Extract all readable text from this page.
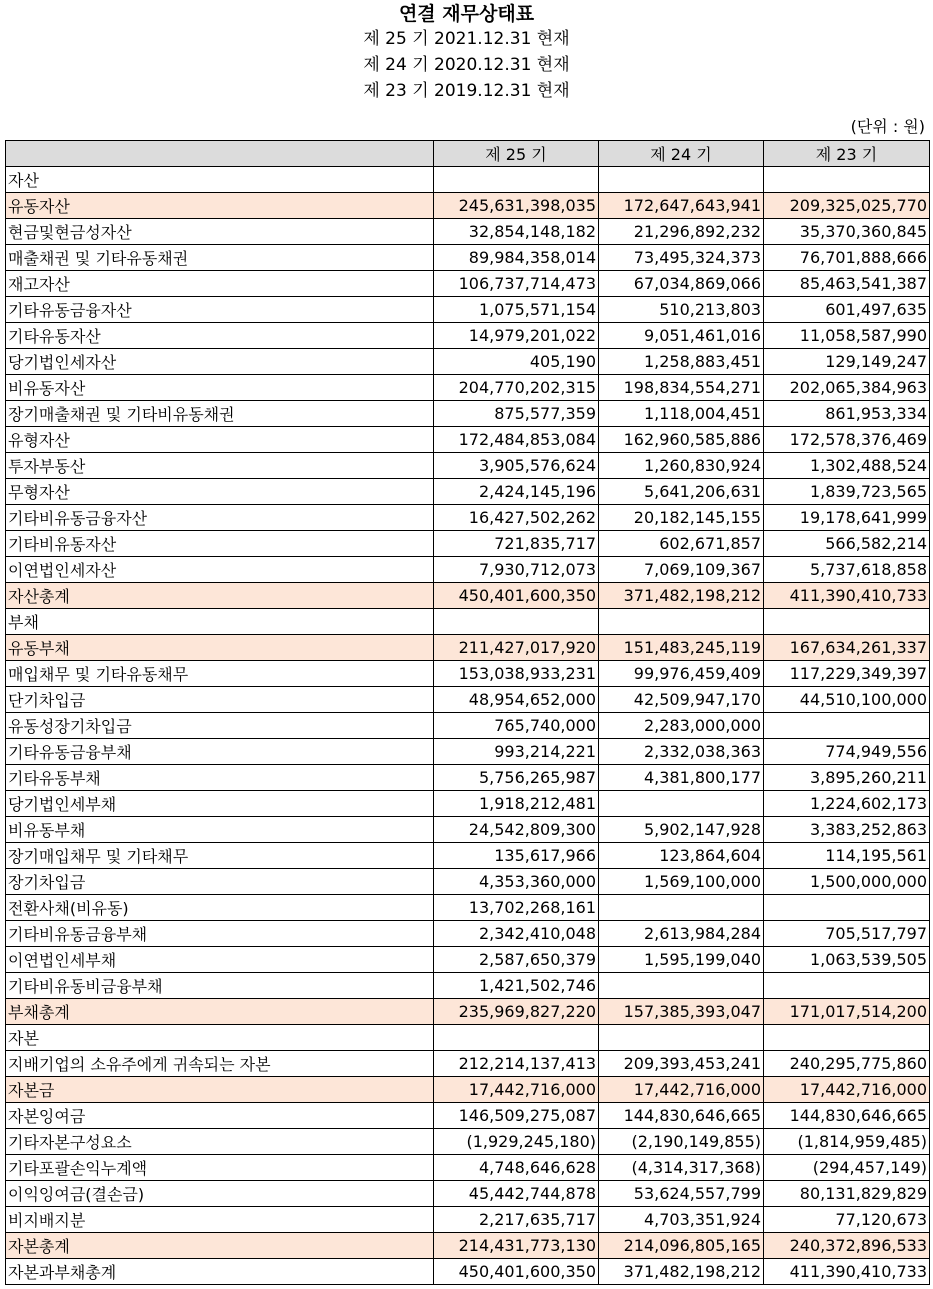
연결 재무상태표
제 25 기 2021.12.31 현재
제 24 기 2020.12.31 현재
제 23 기 2019.12.31 현재
(단위 : 원)
	제 25 기	제 24 기	제 23 기
자산			
유동자산	245,631,398,035	172,647,643,941	209,325,025,770
현금및현금성자산	32,854,148,182	21,296,892,232	35,370,360,845
매출채권 및 기타유동채권	89,984,358,014	73,495,324,373	76,701,888,666
재고자산	106,737,714,473	67,034,869,066	85,463,541,387
기타유동금융자산	1,075,571,154	510,213,803	601,497,635
기타유동자산	14,979,201,022	9,051,461,016	11,058,587,990
당기법인세자산	405,190	1,258,883,451	129,149,247
비유동자산	204,770,202,315	198,834,554,271	202,065,384,963
장기매출채권 및 기타비유동채권	875,577,359	1,118,004,451	861,953,334
유형자산	172,484,853,084	162,960,585,886	172,578,376,469
투자부동산	3,905,576,624	1,260,830,924	1,302,488,524
무형자산	2,424,145,196	5,641,206,631	1,839,723,565
기타비유동금융자산	16,427,502,262	20,182,145,155	19,178,641,999
기타비유동자산	721,835,717	602,671,857	566,582,214
이연법인세자산	7,930,712,073	7,069,109,367	5,737,618,858
자산총계	450,401,600,350	371,482,198,212	411,390,410,733
부채			
유동부채	211,427,017,920	151,483,245,119	167,634,261,337
매입채무 및 기타유동채무	153,038,933,231	99,976,459,409	117,229,349,397
단기차입금	48,954,652,000	42,509,947,170	44,510,100,000
유동성장기차입금	765,740,000	2,283,000,000	
기타유동금융부채	993,214,221	2,332,038,363	774,949,556
기타유동부채	5,756,265,987	4,381,800,177	3,895,260,211
당기법인세부채	1,918,212,481		1,224,602,173
비유동부채	24,542,809,300	5,902,147,928	3,383,252,863
장기매입채무 및 기타채무	135,617,966	123,864,604	114,195,561
장기차입금	4,353,360,000	1,569,100,000	1,500,000,000
전환사채(비유동)	13,702,268,161		
기타비유동금융부채	2,342,410,048	2,613,984,284	705,517,797
이연법인세부채	2,587,650,379	1,595,199,040	1,063,539,505
기타비유동비금융부채	1,421,502,746		
부채총계	235,969,827,220	157,385,393,047	171,017,514,200
자본			
지배기업의 소유주에게 귀속되는 자본	212,214,137,413	209,393,453,241	240,295,775,860
자본금	17,442,716,000	17,442,716,000	17,442,716,000
자본잉여금	146,509,275,087	144,830,646,665	144,830,646,665
기타자본구성요소	(1,929,245,180)	(2,190,149,855)	(1,814,959,485)
기타포괄손익누계액	4,748,646,628	(4,314,317,368)	(294,457,149)
이익잉여금(결손금)	45,442,744,878	53,624,557,799	80,131,829,829
비지배지분	2,217,635,717	4,703,351,924	77,120,673
자본총계	214,431,773,130	214,096,805,165	240,372,896,533
자본과부채총계	450,401,600,350	371,482,198,212	411,390,410,733
